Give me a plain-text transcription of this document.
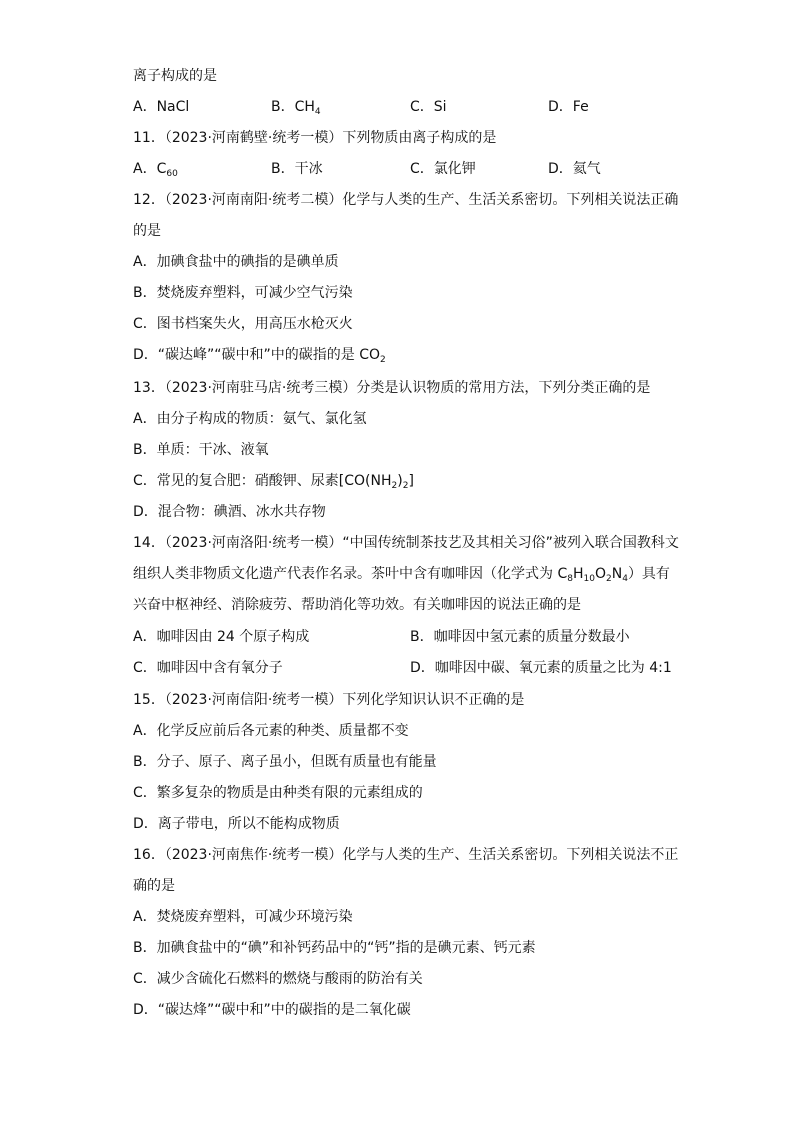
离子构成的是
A．NaCl	B．$CH_4$	C．Si	D．Fe
11．（2023·河南鹤壁·统考一模）下列物质由离子构成的是
A．$C_{60}$	B．干冰	C．氯化钾	D．氦气
12．（2023·河南南阳·统考二模）化学与人类的生产、生活关系密切。下列相关说法正确
的是
A．加碘食盐中的碘指的是碘单质
B．焚烧废弃塑料，可减少空气污染
C．图书档案失火，用高压水枪灭火
D．“碳达峰”“碳中和”中的碳指的是 $CO_2$
13．（2023·河南驻马店·统考三模）分类是认识物质的常用方法，下列分类正确的是
A．由分子构成的物质：氨气、氯化氢
B．单质：干冰、液氧
C．常见的复合肥：硝酸钾、尿素$[CO(NH_2)_2]$
D．混合物：碘酒、冰水共存物
14．（2023·河南洛阳·统考一模）“中国传统制茶技艺及其相关习俗”被列入联合国教科文
组织人类非物质文化遗产代表作名录。茶叶中含有咖啡因（化学式为 $C_8H_{10}O_2N_4$）具有
兴奋中枢神经、消除疲劳、帮助消化等功效。有关咖啡因的说法正确的是
A．咖啡因由 24 个原子构成	B．咖啡因中氢元素的质量分数最小
C．咖啡因中含有氧分子	D．咖啡因中碳、氧元素的质量之比为 4:1
15．（2023·河南信阳·统考一模）下列化学知识认识不正确的是
A．化学反应前后各元素的种类、质量都不变
B．分子、原子、离子虽小，但既有质量也有能量
C．繁多复杂的物质是由种类有限的元素组成的
D．离子带电，所以不能构成物质
16．（2023·河南焦作·统考一模）化学与人类的生产、生活关系密切。下列相关说法不正
确的是
A．焚烧废弃塑料，可减少环境污染
B．加碘食盐中的“碘”和补钙药品中的“钙”指的是碘元素、钙元素
C．减少含硫化石燃料的燃烧与酸雨的防治有关
D．“碳达烽”“碳中和”中的碳指的是二氧化碳
